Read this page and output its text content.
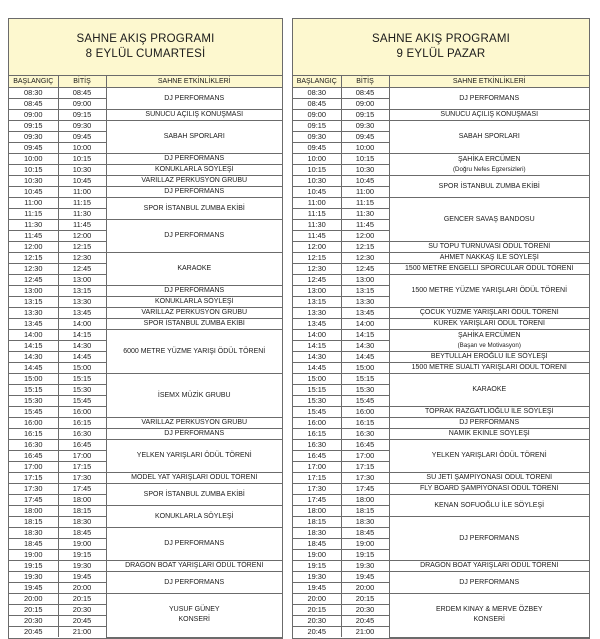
SAHNE AKIŞ PROGRAMI
8 EYLÜL CUMARTESİ
BAŞLANGIÇ	BİTİŞ	SAHNE ETKİNLİKLERİ
08:30	08:45	DJ PERFORMANS
08:45	09:00	
09:00	09:15	SUNUCU AÇILIŞ KONUŞMASI
09:15	09:30	SABAH SPORLARI
09:30	09:45	
09:45	10:00	
10:00	10:15	DJ PERFORMANS
10:15	10:30	KONUKLARLA SÖYLEŞİ
10:30	10:45	VARİLLAZ PERKÜSYON GRUBU
10:45	11:00	DJ PERFORMANS
11:00	11:15	SPOR İSTANBUL ZUMBA EKİBİ
11:15	11:30	
11:30	11:45	DJ PERFORMANS
11:45	12:00	
12:00	12:15	
12:15	12:30	KARAOKE
12:30	12:45	
12:45	13:00	
13:00	13:15	DJ PERFORMANS
13:15	13:30	KONUKLARLA SÖYLEŞİ
13:30	13:45	VARİLLAZ PERKÜSYON GRUBU
13:45	14:00	SPOR İSTANBUL ZUMBA EKİBİ
14:00	14:15	6000 METRE YÜZME YARIŞI ÖDÜL TÖRENİ
14:15	14:30	
14:30	14:45	
14:45	15:00	
15:00	15:15	İSEMX MÜZİK GRUBU
15:15	15:30	
15:30	15:45	
15:45	16:00	
16:00	16:15	VARİLLAZ PERKÜSYON GRUBU
16:15	16:30	DJ PERFORMANS
16:30	16:45	YELKEN YARIŞLARI ÖDÜL TÖRENİ
16:45	17:00	
17:00	17:15	
17:15	17:30	MODEL YAT YARIŞLARI ÖDÜL TÖRENİ
17:30	17:45	SPOR İSTANBUL ZUMBA EKİBİ
17:45	18:00	
18:00	18:15	KONUKLARLA SÖYLEŞİ
18:15	18:30	
18:30	18:45	DJ PERFORMANS
18:45	19:00	
19:00	19:15	
19:15	19:30	DRAGON BOAT YARIŞLARI ÖDÜL TÖRENİ
19:30	19:45	DJ PERFORMANS
19:45	20:00	
20:00	20:15	YUSUF GÜNEY
KONSERİ

20:15	20:30	
20:30	20:45	
20:45	21:00	
SAHNE AKIŞ PROGRAMI
9 EYLÜL PAZAR
BAŞLANGIÇ	BİTİŞ	SAHNE ETKİNLİKLERİ
08:30	08:45	DJ PERFORMANS
08:45	09:00	
09:00	09:15	SUNUCU AÇILIŞ KONUŞMASI
09:15	09:30	SABAH SPORLARI
09:30	09:45	
09:45	10:00	
10:00	10:15	ŞAHİKA ERCÜMEN
(Doğru Nefes Egzersizleri)

10:15	10:30	
10:30	10:45	SPOR İSTANBUL ZUMBA EKİBİ
10:45	11:00	
11:00	11:15	GENCER SAVAŞ BANDOSU
11:15	11:30	
11:30	11:45	
11:45	12:00	
12:00	12:15	SU TOPU TURNUVASI ÖDÜL TÖRENİ
12:15	12:30	AHMET NAKKAŞ İLE SÖYLEŞİ
12:30	12:45	1500 METRE ENGELLİ SPORCULAR ÖDÜL TÖRENİ
12:45	13:00	1500 METRE YÜZME YARIŞLARI ÖDÜL TÖRENİ
13:00	13:15	
13:15	13:30	
13:30	13:45	ÇOCUK YÜZME YARIŞLARI ÖDÜL TÖRENİ
13:45	14:00	KÜREK YARIŞLARI ÖDÜL TÖRENİ
14:00	14:15	ŞAHİKA ERCÜMEN
(Başarı ve Motivasyon)

14:15	14:30	
14:30	14:45	BEYTULLAH EROĞLU İLE SÖYLEŞİ
14:45	15:00	1500 METRE SUALTI YARIŞLARI ÖDÜL TÖRENİ
15:00	15:15	KARAOKE
15:15	15:30	
15:30	15:45	
15:45	16:00	TOPRAK RAZGATLIOĞLU İLE SÖYLEŞİ
16:00	16:15	DJ PERFORMANS
16:15	16:30	NAMIK EKİNLE SÖYLEŞİ
16:30	16:45	YELKEN YARIŞLARI ÖDÜL TÖRENİ
16:45	17:00	
17:00	17:15	
17:15	17:30	SU JETİ ŞAMPİYONASI ÖDÜL TÖRENİ
17:30	17:45	FLY BOARD ŞAMPİYONASI ÖDÜL TÖRENİ
17:45	18:00	KENAN SOFUOĞLU İLE SÖYLEŞİ
18:00	18:15	
18:15	18:30	DJ PERFORMANS
18:30	18:45	
18:45	19:00	
19:00	19:15	
19:15	19:30	DRAGON BOAT YARIŞLARI ÖDÜL TÖRENİ
19:30	19:45	DJ PERFORMANS
19:45	20:00	
20:00	20:15	ERDEM KINAY & MERVE ÖZBEY
KONSERİ

20:15	20:30	
20:30	20:45	
20:45	21:00	
